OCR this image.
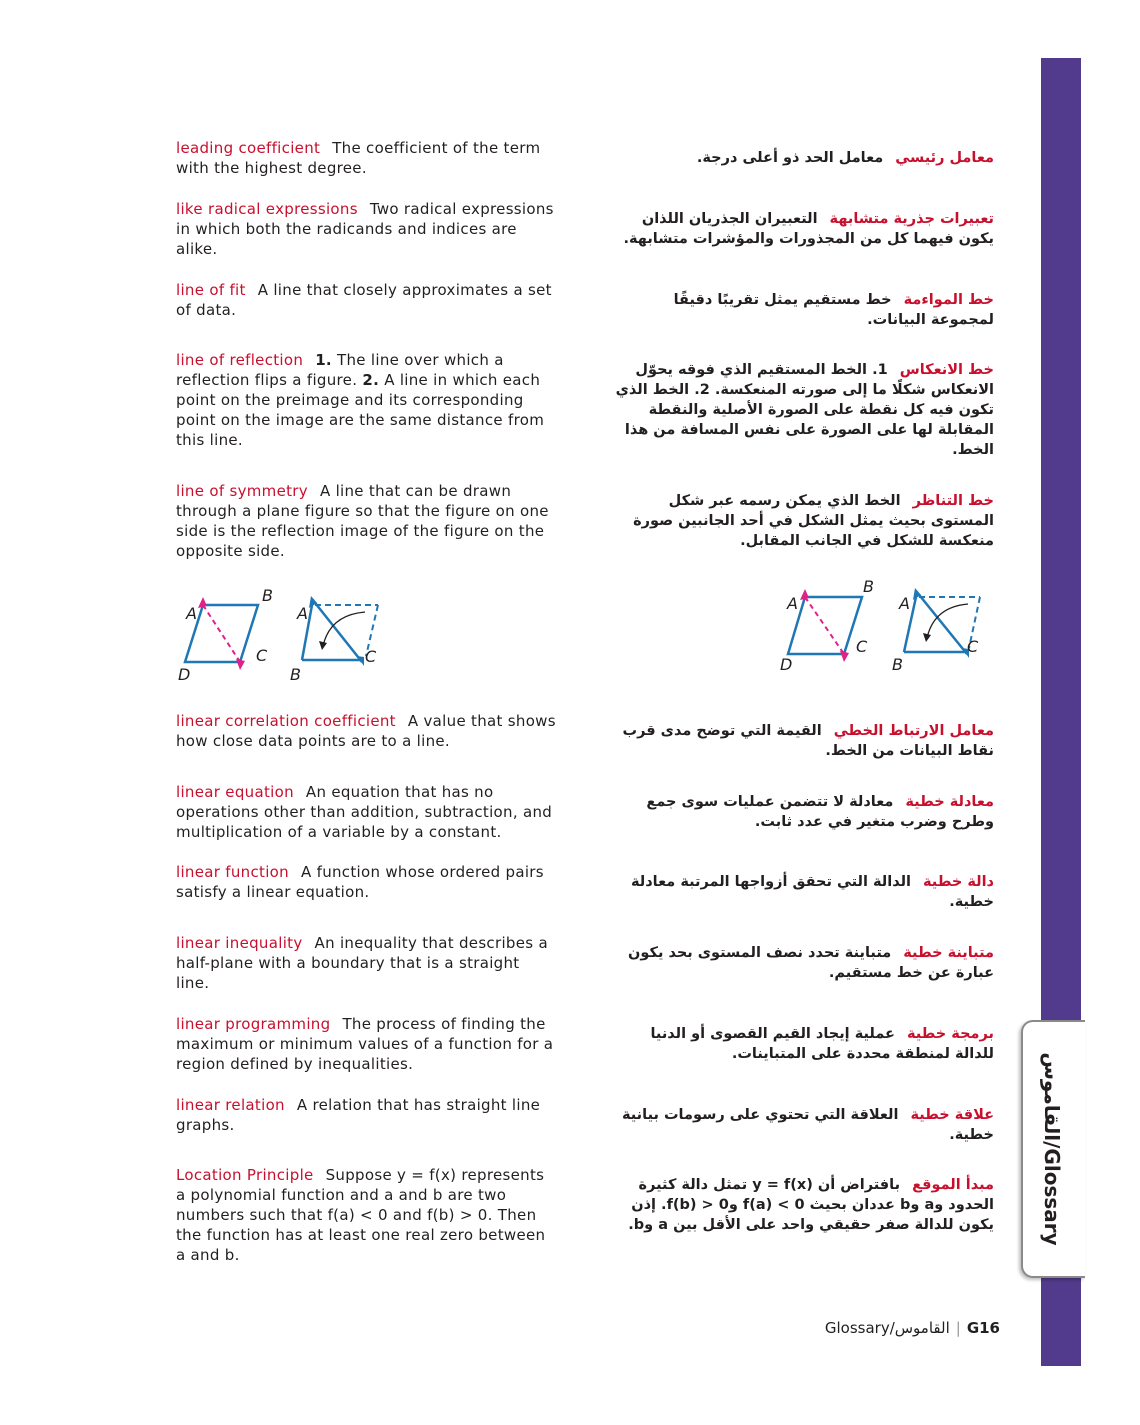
leading coefficient The coefficient of the term with the highest degree.
like radical expressions Two radical expressions in which both the radicands and indices are alike.
line of fit A line that closely approximates a set of data.
line of reflection 1. The line over which a reflection flips a figure. 2. A line in which each point on the preimage and its corresponding point on the image are the same distance from this line.
line of symmetry A line that can be drawn through a plane figure so that the figure on one side is the reflection image of the figure on the opposite side.
linear correlation coefficient A value that shows how close data points are to a line.
linear equation An equation that has no operations other than addition, subtraction, and multiplication of a variable by a constant.
linear function A function whose ordered pairs satisfy a linear equation.
linear inequality An inequality that describes a half-plane with a boundary that is a straight line.
linear programming The process of finding the maximum or minimum values of a function for a region defined by inequalities.
linear relation A relation that has straight line graphs.
Location Principle Suppose y = f(x) represents a polynomial function and a and b are two numbers such that f(a) < 0 and f(b) > 0. Then the function has at least one real zero between a and b.
معامل رئيسيمعامل الحد ذو أعلى درجة.
تعبيرات جذرية متشابهةالتعبيران الجذريان اللذان يكون فيهما كل من المجذورات والمؤشرات متشابهة.
خط المواءمةخط مستقيم يمثل تقريبًا دقيقًا لمجموعة البيانات.
خط الانعكاس1. الخط المستقيم الذي فوقه يحوّل الانعكاس شكلًا ما إلى صورته المنعكسة. 2. الخط الذي تكون فيه كل نقطة على الصورة الأصلية والنقطة المقابلة لها على الصورة على نفس المسافة من هذا الخط.
خط التناظرالخط الذي يمكن رسمه عبر شكل المستوى بحيث يمثل الشكل في أحد الجانبين صورة منعكسة للشكل في الجانب المقابل.
معامل الارتباط الخطيالقيمة التي توضح مدى قرب نقاط البيانات من الخط.
معادلة خطيةمعادلة لا تتضمن عمليات سوى جمع وطرح وضرب متغير في عدد ثابت.
دالة خطيةالدالة التي تحقق أزواجها المرتبة معادلة خطية.
متباينة خطيةمتباينة تحدد نصف المستوى بحد يكون عبارة عن خط مستقيم.
برمجة خطيةعملية إيجاد القيم القصوى أو الدنيا للدالة لمنطقة محددة على المتباينات.
علاقة خطيةالعلاقة التي تحتوي على رسومات بيانية خطية.
مبدأ الموقعبافتراض أن y = f(x) تمثل دالة كثيرة الحدود وa وb عددان بحيث f(a) < 0 وf(b) > 0. إذن يكون للدالة صفر حقيقي واحد على الأقل بين a وb.
A
B
C
D
A
C
B
A
B
C
D
A
C
B
القاموس/Glossary
Glossary/القاموس | G16
